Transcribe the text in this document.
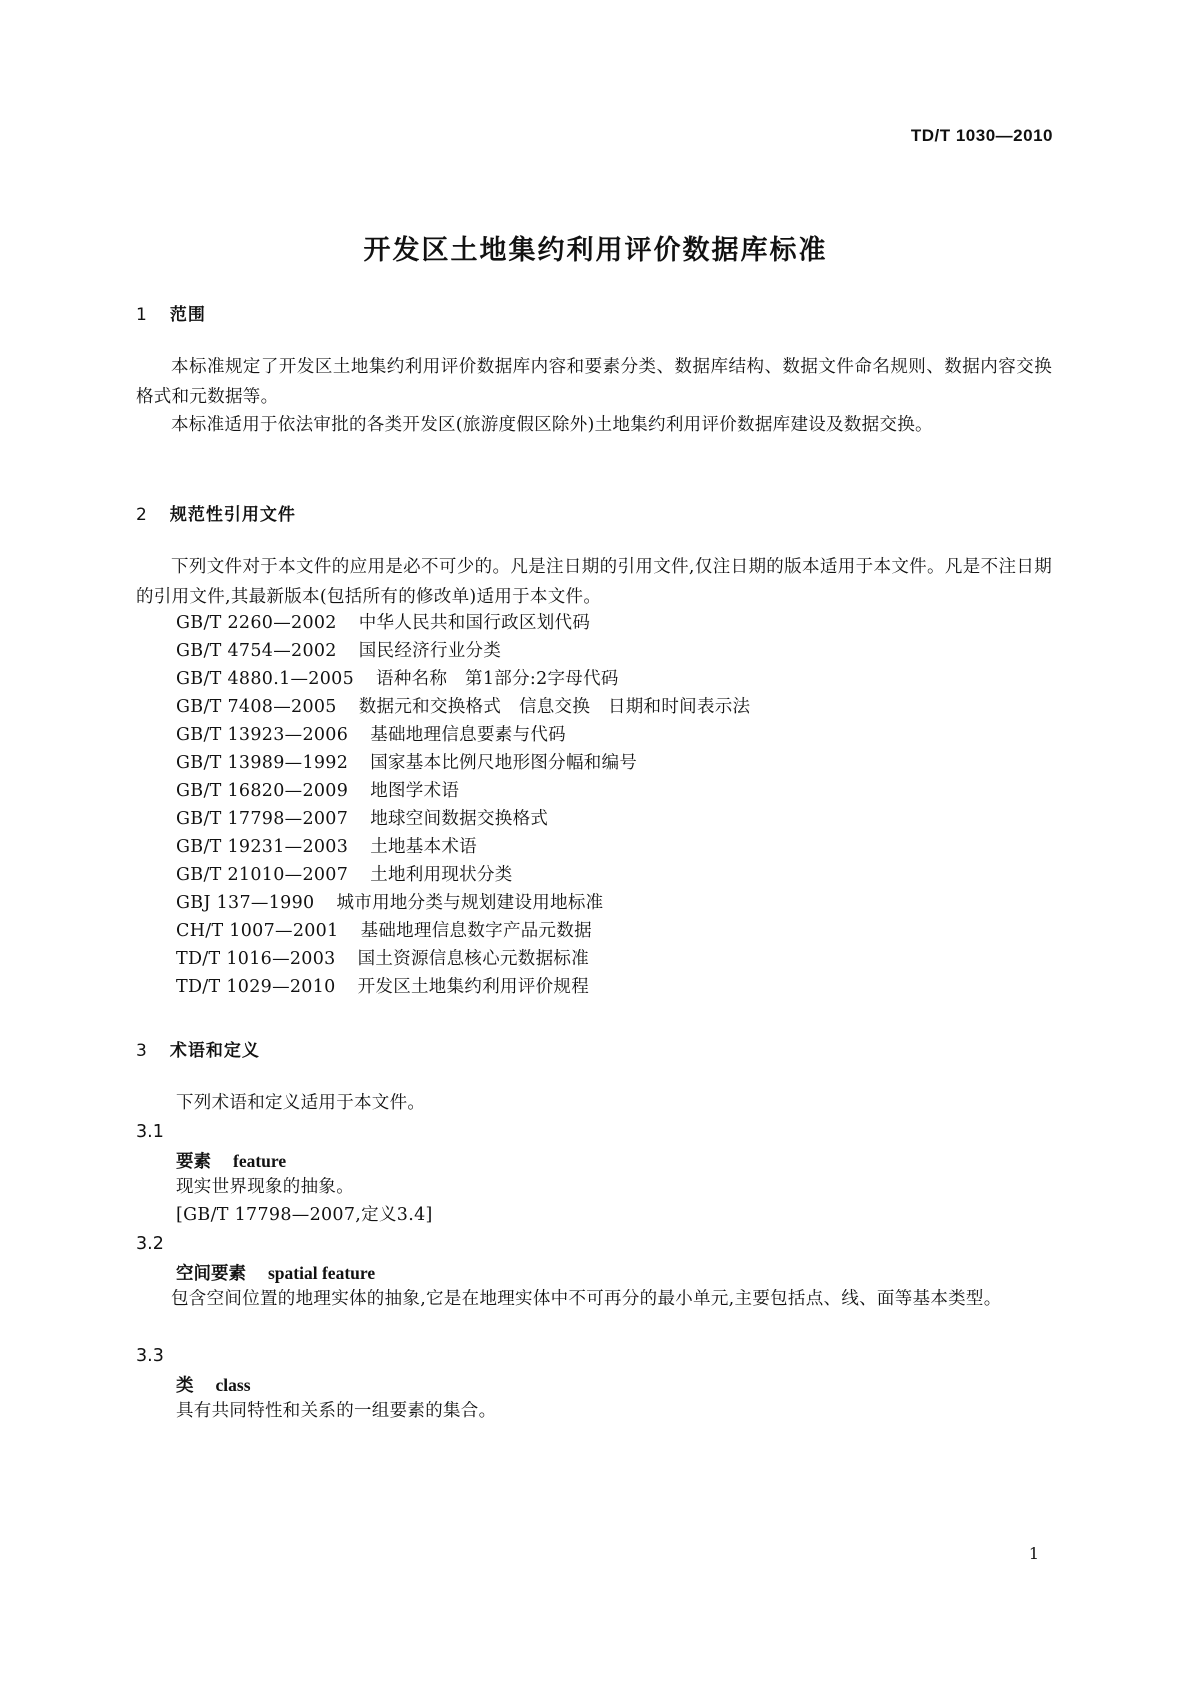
TD/T 1030—2010
开发区土地集约利用评价数据库标准
1 范围
本标准规定了开发区土地集约利用评价数据库内容和要素分类、数据库结构、数据文件命名规则、数据内容交换格式和元数据等。
本标准适用于依法审批的各类开发区(旅游度假区除外)土地集约利用评价数据库建设及数据交换。
2 规范性引用文件
下列文件对于本文件的应用是必不可少的。凡是注日期的引用文件,仅注日期的版本适用于本文件。凡是不注日期的引用文件,其最新版本(包括所有的修改单)适用于本文件。
GB/T 2260—2002 中华人民共和国行政区划代码
GB/T 4754—2002 国民经济行业分类
GB/T 4880.1—2005 语种名称　第1部分:2字母代码
GB/T 7408—2005 数据元和交换格式　信息交换　日期和时间表示法
GB/T 13923—2006 基础地理信息要素与代码
GB/T 13989—1992 国家基本比例尺地形图分幅和编号
GB/T 16820—2009 地图学术语
GB/T 17798—2007 地球空间数据交换格式
GB/T 19231—2003 土地基本术语
GB/T 21010—2007 土地利用现状分类
GBJ 137—1990 城市用地分类与规划建设用地标准
CH/T 1007—2001 基础地理信息数字产品元数据
TD/T 1016—2003 国土资源信息核心元数据标准
TD/T 1029—2010 开发区土地集约利用评价规程
3 术语和定义
下列术语和定义适用于本文件。
3.1
要素 feature
现实世界现象的抽象。
[GB/T 17798—2007,定义3.4]
3.2
空间要素 spatial feature
包含空间位置的地理实体的抽象,它是在地理实体中不可再分的最小单元,主要包括点、线、面等基本类型。
3.3
类 class
具有共同特性和关系的一组要素的集合。
1
